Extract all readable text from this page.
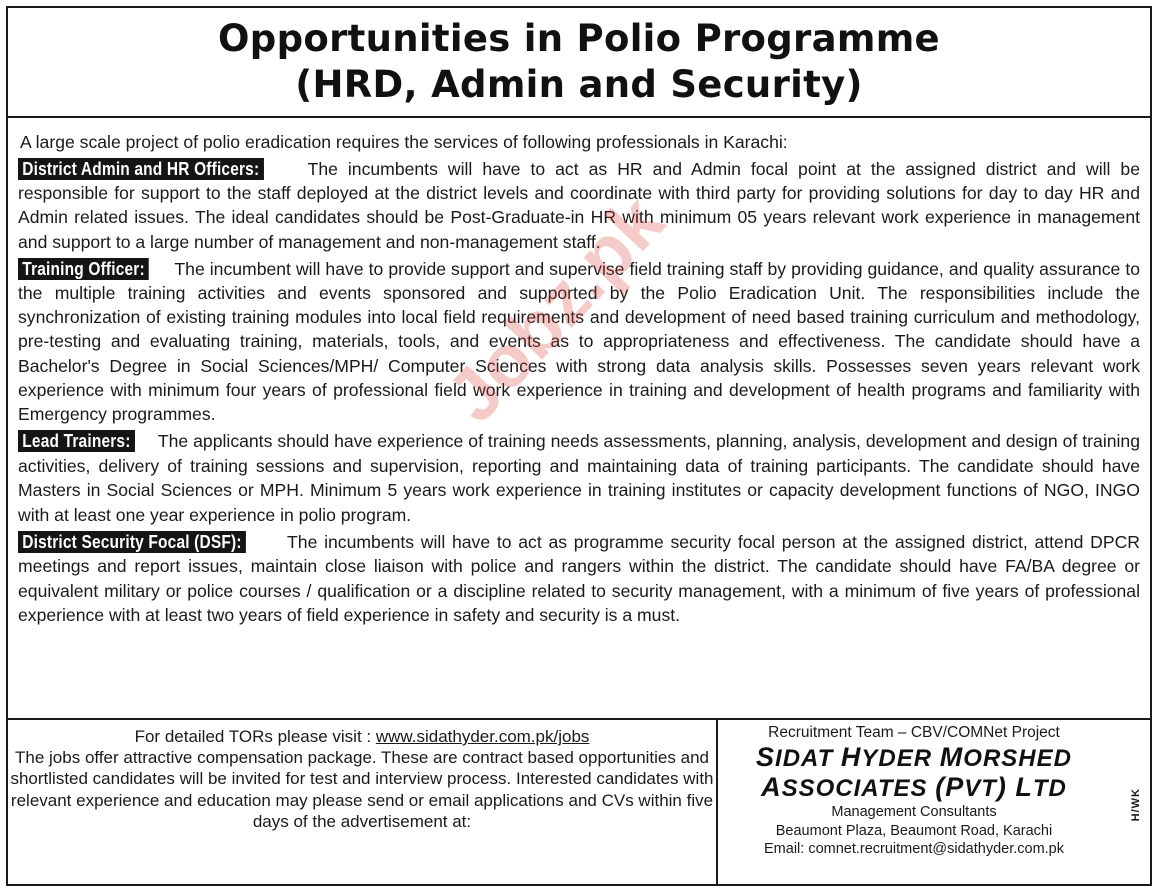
Opportunities in Polio Programme
(HRD, Admin and Security)
A large scale project of polio eradication requires the services of following professionals in Karachi:
District Admin and HR Officers:	The incumbents will have to act as HR and Admin focal point at the assigned district and will be responsible for support to the staff deployed at the district levels and coordinate with third party for providing solutions for day to day HR and Admin related issues. The ideal candidates should be Post-Graduate-in HR with minimum 05 years relevant work experience in management and support to a large number of management and non-management staff.
Training Officer: The incumbent will have to provide support and supervise field training staff by providing guidance, and quality assurance to the multiple training activities and events sponsored and supported by the Polio Eradication Unit. The responsibilities include the synchronization of existing training modules into local field requirements and development of need based training curriculum and methodology, pre-testing and evaluating training, materials, tools, and events as to appropriateness and effectiveness. The candidate should have a Bachelor's Degree in Social Sciences/MPH/ Computer Sciences with strong data analysis skills. Possesses seven years relevant work experience with minimum four years of professional field work experience in training and development of health programs and familiarity with Emergency programmes.
Lead Trainers: The applicants should have experience of training needs assessments, planning, analysis, development and design of training activities, delivery of training sessions and supervision, reporting and maintaining data of training participants. The candidate should have Masters in Social Sciences or MPH. Minimum 5 years work experience in training institutes or capacity development functions of NGO, INGO with at least one year experience in polio program.
District Security Focal (DSF):	The incumbents will have to act as programme security focal person at the assigned district, attend DPCR meetings and report issues, maintain close liaison with police and rangers within the district. The candidate should have FA/BA degree or equivalent military or police courses / qualification or a discipline related to security management, with a minimum of five years of professional experience with at least two years of field experience in safety and security is a must.
For detailed TORs please visit : www.sidathyder.com.pk/jobs
The jobs offer attractive compensation package. These are contract based opportunities and shortlisted candidates will be invited for test and interview process. Interested candidates with relevant experience and education may please send or email applications and CVs within five days of the advertisement at:
Recruitment Team – CBV/COMNet Project
SIDAT HYDER MORSHED
ASSOCIATES (PVT) LTD
Management Consultants
Beaumont Plaza, Beaumont Road, Karachi
Email: comnet.recruitment@sidathyder.com.pk
H/WK
Jobz.pk
